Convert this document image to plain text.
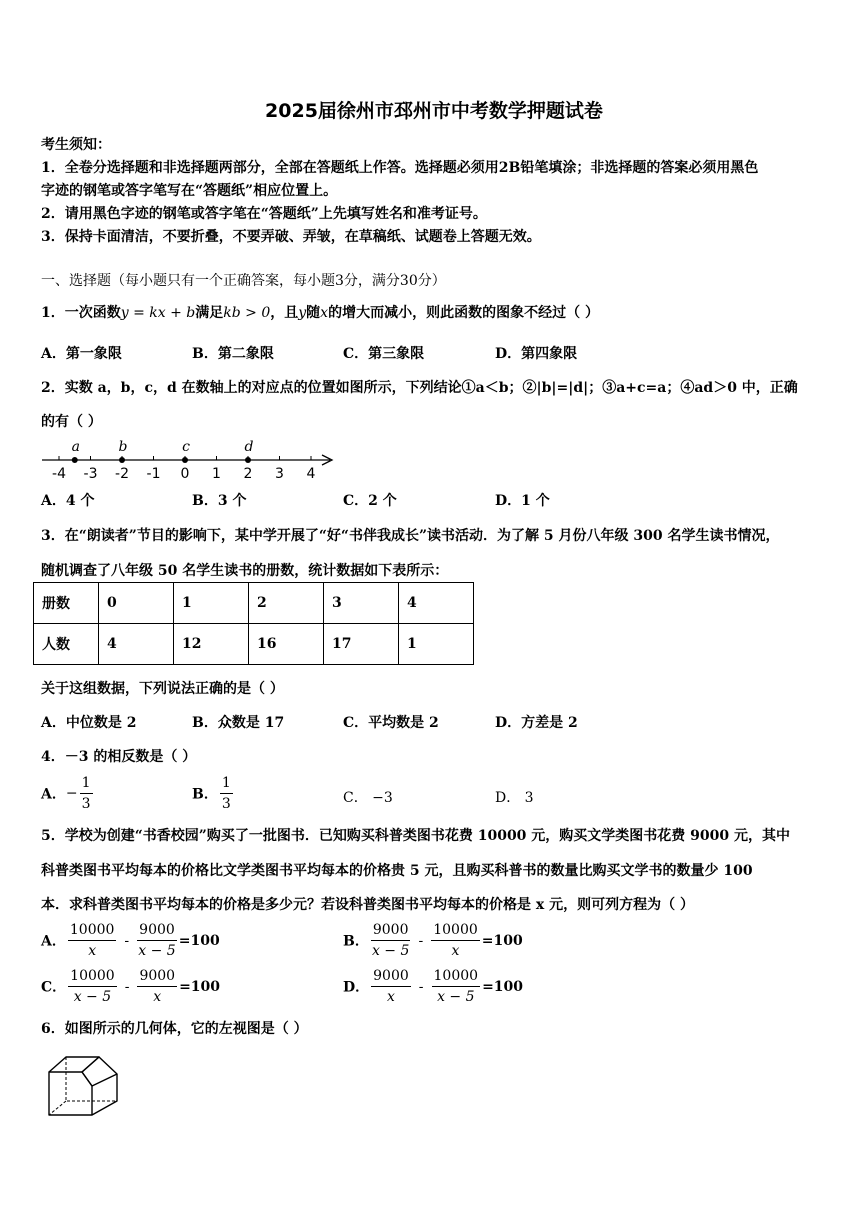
2025届徐州市邳州市中考数学押题试卷
考生须知：
1．全卷分选择题和非选择题两部分，全部在答题纸上作答。选择题必须用2B铅笔填涂；非选择题的答案必须用黑色
字迹的钢笔或答字笔写在“答题纸”相应位置上。
2．请用黑色字迹的钢笔或答字笔在“答题纸”上先填写姓名和准考证号。
3．保持卡面清洁，不要折叠，不要弄破、弄皱，在草稿纸、试题卷上答题无效。
一、选择题（每小题只有一个正确答案，每小题3分，满分30分）
1．一次函数y = kx + b满足kb > 0，且y随x的增大而减小，则此函数的图象不经过（ ）
A．第一象限	B．第二象限	C．第三象限	D．第四象限
2．实数 a，b，c，d 在数轴上的对应点的位置如图所示，下列结论①a＜b；②|b|=|d|；③a+c=a；④ad＞0 中，正确
的有（ ）
-4 -3 -2 -1 0 1 2 3 4
a	b	c	d
A．4 个	B．3 个	C．2 个	D．1 个
3．在“朗读者”节目的影响下，某中学开展了“好“书伴我成长”读书活动．为了解 5 月份八年级 300 名学生读书情况，
随机调查了八年级 50 名学生读书的册数，统计数据如下表所示：
册数	0	1	2	3	4
人数	4	12	16	17	1
关于这组数据，下列说法正确的是（ ）
A．中位数是 2	B．众数是 17	C．平均数是 2	D．方差是 2
4．－3 的相反数是（ ）
A．− $\frac{1}{3}$	B． $\frac{1}{3}$	C． −3	D． 3
5．学校为创建“书香校园”购买了一批图书．已知购买科普类图书花费 10000 元，购买文学类图书花费 9000 元，其中
科普类图书平均每本的价格比文学类图书平均每本的价格贵 5 元，且购买科普书的数量比购买文学书的数量少 100
本．求科普类图书平均每本的价格是多少元？若设科普类图书平均每本的价格是 x 元，则可列方程为（ ）
A． $\frac{10000}{x} - \frac{9000}{x - 5} =100$	B． $\frac{9000}{x - 5} - \frac{10000}{x} =100$
C． $\frac{10000}{x - 5} - \frac{9000}{x} =100$	D． $\frac{9000}{x} - \frac{10000}{x - 5} =100$
6．如图所示的几何体，它的左视图是（ ）
